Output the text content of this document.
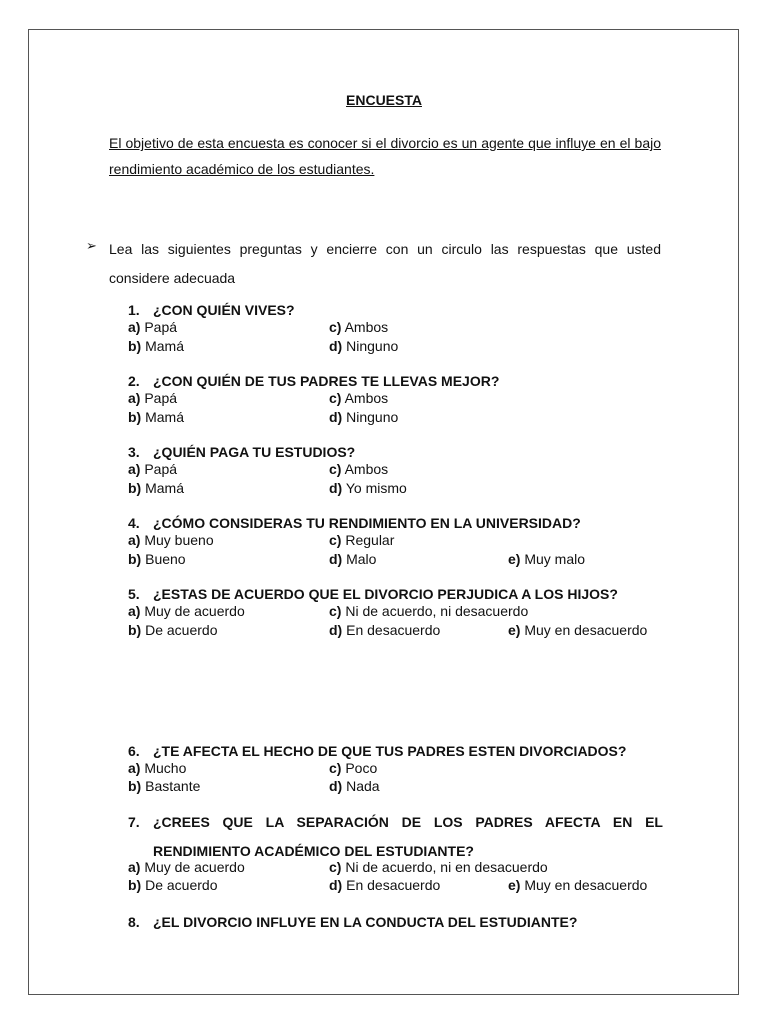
ENCUESTA
El objetivo de esta encuesta es conocer si el divorcio es un agente que influye en el bajo rendimiento académico de los estudiantes.
➢ Lea las siguientes preguntas y encierre con un circulo las respuestas que usted considere adecuada
1. ¿CON QUIÉN VIVES?
a) Papá	c) Ambos
b) Mamá	d) Ninguno
2. ¿CON QUIÉN DE TUS PADRES TE LLEVAS MEJOR?
a) Papá	c) Ambos
b) Mamá	d) Ninguno
3. ¿QUIÉN PAGA TU ESTUDIOS?
a) Papá	c) Ambos
b) Mamá	d) Yo mismo
4. ¿CÓMO CONSIDERAS TU RENDIMIENTO EN LA UNIVERSIDAD?
a) Muy bueno	c) Regular
b) Bueno	d) Malo	e) Muy malo
5. ¿ESTAS DE ACUERDO QUE EL DIVORCIO PERJUDICA A LOS HIJOS?
a) Muy de acuerdo	c) Ni de acuerdo, ni desacuerdo
b) De acuerdo	d) En desacuerdo	e) Muy en desacuerdo
6. ¿TE AFECTA EL HECHO DE QUE TUS PADRES ESTEN DIVORCIADOS?
a) Mucho	c) Poco
b) Bastante	d) Nada
7. ¿CREES QUE LA SEPARACIÓN DE LOS PADRES AFECTA EN EL RENDIMIENTO ACADÉMICO DEL ESTUDIANTE?
a) Muy de acuerdo	c) Ni de acuerdo, ni en desacuerdo
b) De acuerdo	d) En desacuerdo	e) Muy en desacuerdo
8. ¿EL DIVORCIO INFLUYE EN LA CONDUCTA DEL ESTUDIANTE?
